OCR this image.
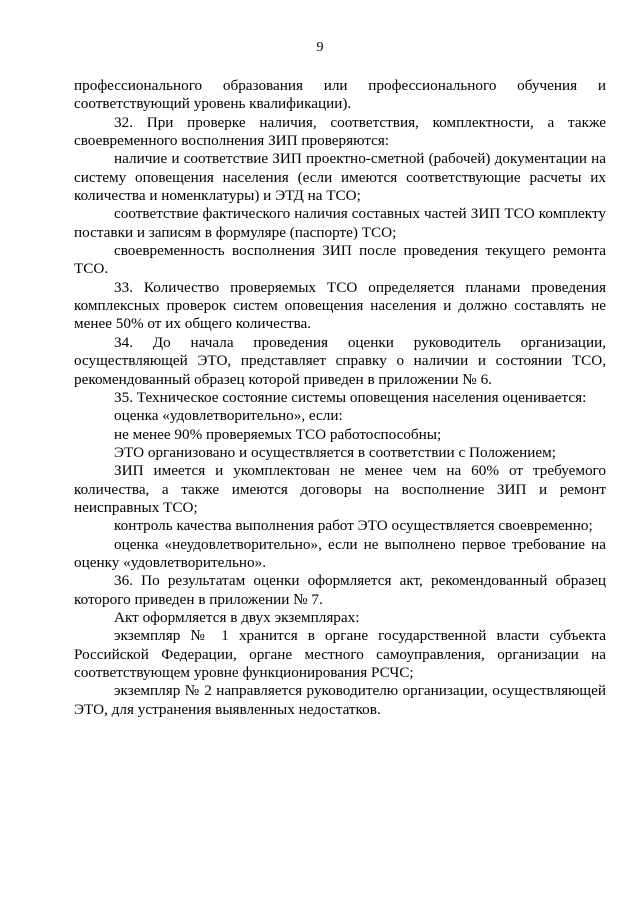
9

профессионального образования или профессионального обучения и соответствующий уровень квалификации).

32. При проверке наличия, соответствия, комплектности, а также своевременного восполнения ЗИП проверяются:

наличие и соответствие ЗИП проектно-сметной (рабочей) документации на систему оповещения населения (если имеются соответствующие расчеты их количества и номенклатуры) и ЭТД на ТСО;

соответствие фактического наличия составных частей ЗИП ТСО комплекту поставки и записям в формуляре (паспорте) ТСО;

своевременность восполнения ЗИП после проведения текущего ремонта ТСО.

33. Количество проверяемых ТСО определяется планами проведения комплексных проверок систем оповещения населения и должно составлять не менее 50% от их общего количества.

34. До начала проведения оценки руководитель организации, осуществляющей ЭТО, представляет справку о наличии и состоянии ТСО, рекомендованный образец которой приведен в приложении № 6.

35. Техническое состояние системы оповещения населения оценивается:

оценка «удовлетворительно», если:

не менее 90% проверяемых ТСО работоспособны;

ЭТО организовано и осуществляется в соответствии с Положением;

ЗИП имеется и укомплектован не менее чем на 60% от требуемого количества, а также имеются договоры на восполнение ЗИП и ремонт неисправных ТСО;

контроль качества выполнения работ ЭТО осуществляется своевременно;

оценка «неудовлетворительно», если не выполнено первое требование на оценку «удовлетворительно».

36. По результатам оценки оформляется акт, рекомендованный образец которого приведен в приложении № 7.

Акт оформляется в двух экземплярах:

экземпляр № 1 хранится в органе государственной власти субъекта Российской Федерации, органе местного самоуправления, организации на соответствующем уровне функционирования РСЧС;

экземпляр № 2 направляется руководителю организации, осуществляющей ЭТО, для устранения выявленных недостатков.
